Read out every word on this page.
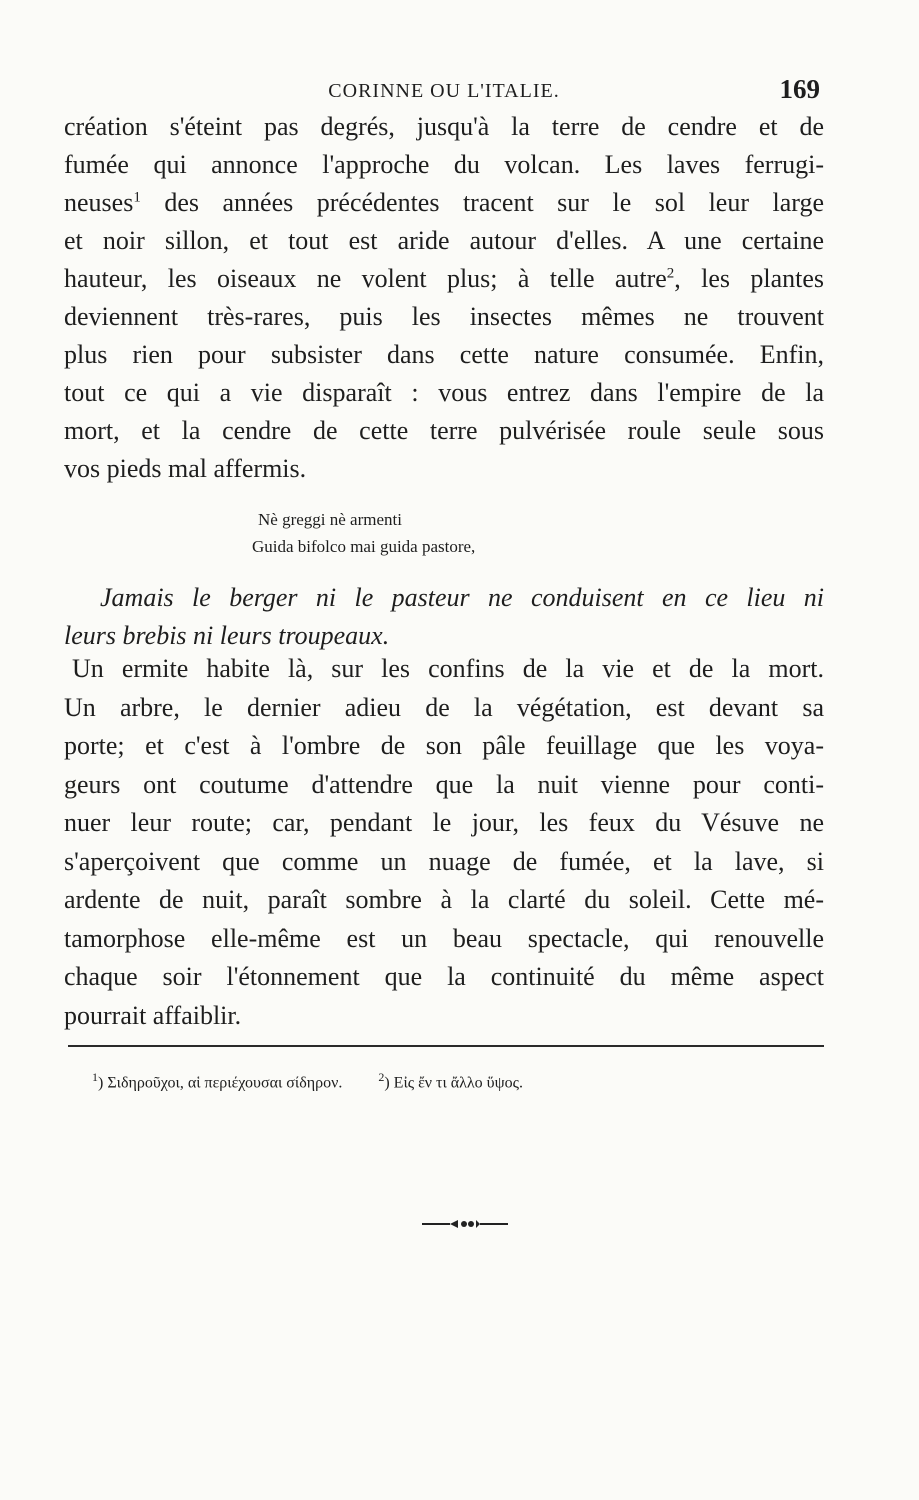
CORINNE OU L'ITALIE.	169
création s'éteint pas degrés, jusqu'à la terre de cendre et de
fumée qui annonce l'approche du volcan. Les laves ferrugi-
neuses$^1$ des années précédentes tracent sur le sol leur large
et noir sillon, et tout est aride autour d'elles. A une certaine
hauteur, les oiseaux ne volent plus; à telle autre$^2$, les plantes
deviennent très-rares, puis les insectes mêmes ne trouvent
plus rien pour subsister dans cette nature consumée. Enfin,
tout ce qui a vie disparaît : vous entrez dans l'empire de la
mort, et la cendre de cette terre pulvérisée roule seule sous
vos pieds mal affermis.
Nè greggi nè armenti
Guida bifolco mai guida pastore,
Jamais le berger ni le pasteur ne conduisent en ce lieu ni
leurs brebis ni leurs troupeaux.
Un ermite habite là, sur les confins de la vie et de la mort.
Un arbre, le dernier adieu de la végétation, est devant sa
porte; et c'est à l'ombre de son pâle feuillage que les voya-
geurs ont coutume d'attendre que la nuit vienne pour conti-
nuer leur route; car, pendant le jour, les feux du Vésuve ne
s'aperçoivent que comme un nuage de fumée, et la lave, si
ardente de nuit, paraît sombre à la clarté du soleil. Cette mé-
tamorphose elle-même est un beau spectacle, qui renouvelle
chaque soir l'étonnement que la continuité du même aspect
pourrait affaiblir.
$^1$) Σιδηροῦχοι, αἱ περιέχουσαι σίδηρον.	$^2$) Εἰς ἔν τι ἄλλο ὕψος.
